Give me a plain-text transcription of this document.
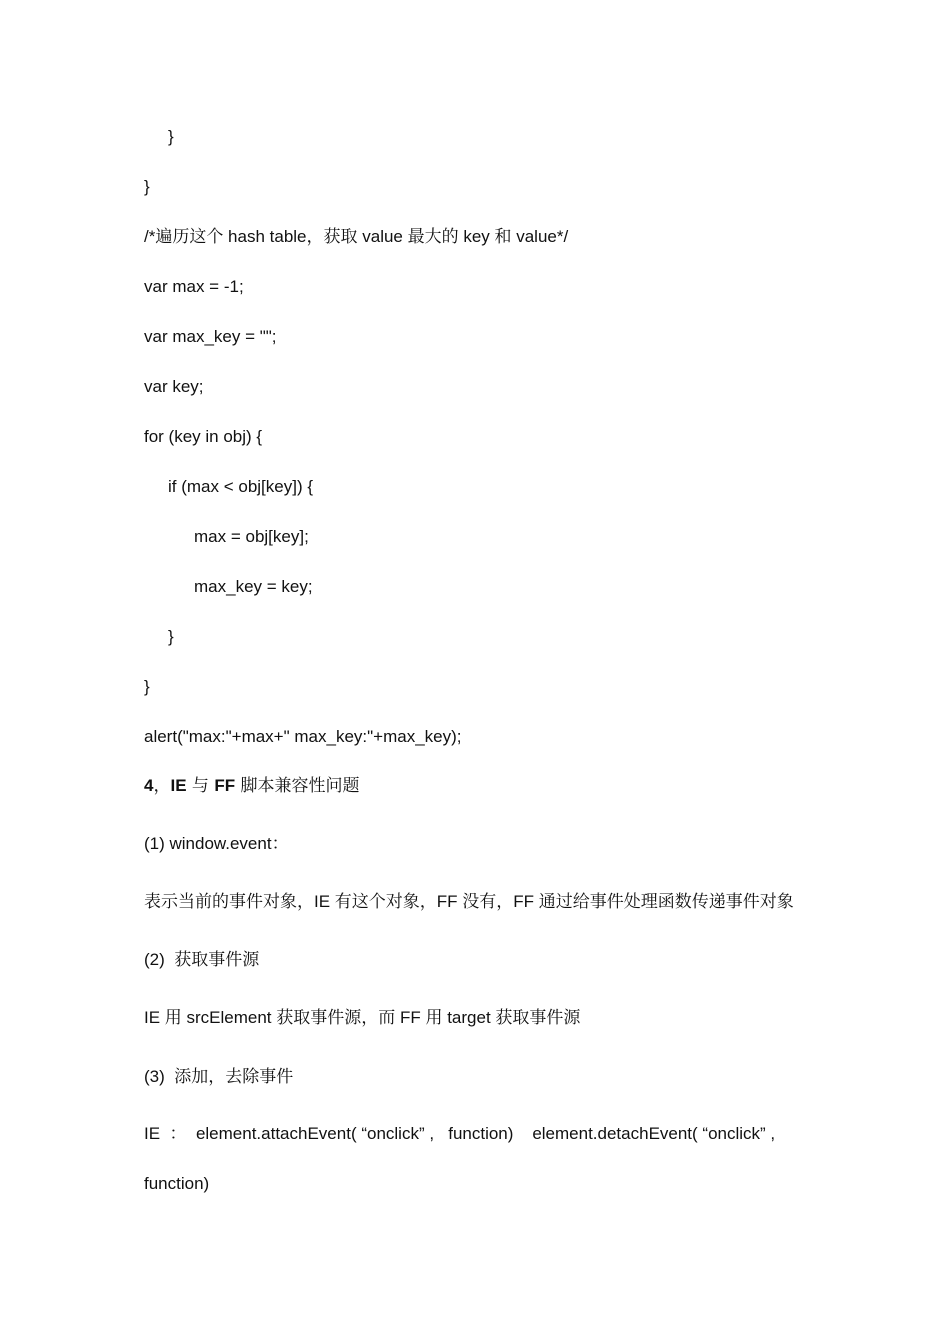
}
}
/*遍历这个 hash table，获取 value 最大的 key 和 value*/
var max = -1;
var max_key = "";
var key;
for (key in obj) {
if (max < obj[key]) {
max = obj[key];
max_key = key;
}
}
alert("max:"+max+" max_key:"+max_key);
4，IE 与 FF 脚本兼容性问题
(1) window.event：
表示当前的事件对象，IE 有这个对象，FF 没有，FF 通过给事件处理函数传递事件对象
(2)  获取事件源
IE 用 srcElement 获取事件源，而 FF 用 target 获取事件源
(3)  添加，去除事件
IE  ：  element.attachEvent( “onclick” ,   function)    element.detachEvent( “onclick” ,
function)
